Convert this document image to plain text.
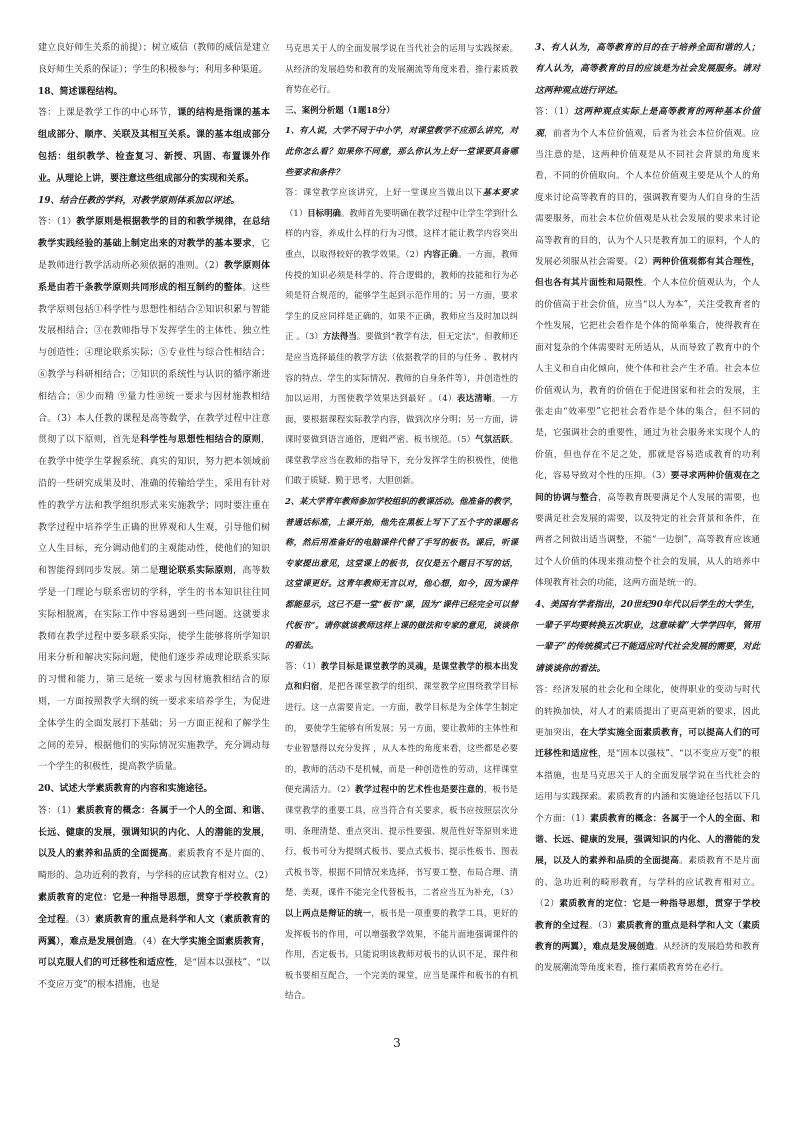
建立良好师生关系的前提）；树立威信（教师的威信是建立良好师生关系的保证）；学生的积极参与；利用多种渠道。

18、简述课程结构。

答：上课是教学工作的中心环节，课的结构是指课的基本组成部分、顺序、关联及其相互关系。课的基本组成部分包括：组织教学、检查复习、新授、巩固、布置课外作业。从理论上讲，要注意这些组成部分的实现和关系。

19、结合任教的学科，对教学原则体系加以评述。

答：（1）教学原则是根据教学的目的和教学规律，在总结教学实践经验的基础上制定出来的对教学的基本要求，它是教师进行教学活动所必须依据的准则。（2）教学原则体系是由若干条教学原则共同形成的相互制约的整体。这些教学原则包括①科学性与思想性相结合②知识积累与智能发展相结合；③在教师指导下发挥学生的主体性、独立性与创造性；④理论联系实际；⑤专业性与综合性相结合；⑥教学与科研相结合；⑦知识的系统性与认识的循序渐进相结合；⑧少而精 ⑨量力性⑩统一要求与因材施教相结合。（3）本人任教的课程是高等数学，在教学过程中注意贯彻了以下原则，首先是科学性与思想性相结合的原则，在教学中使学生掌握系统、真实的知识，努力把本领域前沿的一些研究成果及时、准确的传输给学生，采用有针对性的教学方法和教学组织形式来实施教学；同时要注重在教学过程中培养学生正确的世界观和人生观，引导他们树立人生目标，充分调动他们的主观能动性，使他们的知识和智能得到同步发展。第二是理论联系实际原则，高等数学是一门理论与联系密切的学科，学生的书本知识往往同实际相脱离，在实际工作中容易遇到一些问题。这就要求教师在教学过程中要多联系实际，使学生能够将所学知识用来分析和解决实际问题，使他们逐步养成理论联系实际的习惯和能力，第三是统一要求与因材施教相结合的原则，一方面按照教学大纲的统一要求来培养学生，为促进全体学生的全面发展打下基础；另一方面正视和了解学生之间的差异，根据他们的实际情况实施教学，充分调动每一个学生的积极性，提高教学质量。

20、试述大学素质教育的内容和实施途径。

答：（1）素质教育的概念：各属于一个人的全面、和谐、长远、健康的发展，强调知识的内化、人的潜能的发展，以及人的素养和品质的全面提高。素质教育不是片面的、畸形的、急功近利的教育，与学科的应试教育相对立。（2）素质教育的定位：它是一种指导思想，贯穿于学校教育的全过程。（3）素质教育的重点是科学和人文（素质教育的两翼），难点是发展创造。（4）在大学实施全面素质教育，可以克服人们的可迁移性和适应性，是“固本以强枝”、“以不变应万变”的根本措施，也是

马克思关于人的全面发展学说在当代社会的运用与实践探索。从经济的发展趋势和教育的发展潮流等角度来看，推行素质教育势在必行。

三、案例分析题（1题18分）

1、有人说，大学不同于中小学，对课堂教学不应那么讲究，对此你怎么看？如果你不同意，那么你认为上好一堂课要具备哪些要求和条件？

答：课堂教学应该讲究，上好一堂课应当做出以下基本要求（1）目标明确。教师首先要明确在教学过程中让学生学到什么样的内容，养成什么样的行为习惯，这样才能让教学内容突出重点，以取得较好的教学效果。（2）内容正确。一方面，教师传授的知识必须是科学的、符合逻辑的，教师的技能和行为必须是符合规范的，能够学生起到示范作用的；另一方面，要求学生的反应同样是正确的，如果不正确，教师应当及时加以纠正 。（3）方法得当。要做到“教学有法，但无定法”，但教师还是应当选择最佳的教学方法（依据教学的目的与任务 、教材内容的特点、学生的实际情况、教师的自身条件等），并创造性的加以运用，力图使教学效果达到最好 。（4）表达清晰。一方面，要根据课程实际教学内容，做到次序分明；另一方面，讲课时要做到语言通俗，逻辑严密、板书规范。（5）气氛活跃。课堂教学应当在教师的指导下，充分发挥学生的积极性，使他们敢于质疑、勤于思考、大胆创新。

2、某大学青年教师参加学校组织的教课活动。他准备的教学，普通话标准，上课开始，他先在黑板上写下了五个字的课题名称，然后用准备好的电脑课件代替了手写的板书。课后，听课专家提出意见，这堂课上的板书，仅仅是五个题目不写的话，这堂课更好。这青年教师无言以对，他心想，如今，因为课件都能显示，这已不是一堂“板书”课，因为“课件已经完全可以替代板书”。请你就该教师这样上课的做法和专家的意见，谈谈你的看法。

答：（1）教学目标是课堂教学的灵魂，是课堂教学的根本出发点和归宿，是把各课堂教学的组织、课堂教学应围绕教学目标进行。这一点需要肯定。一方面，教学目标是为全体学生制定的， 要使学生能够有所发展；另一方面，要让教师的主体性和专业智慧得以充分发挥 ，从人本性的角度来看，这些都是必要的，教师的活动不是机械，而是一种创造性的劳动，这样课堂便充满活力。（2）教学过程中的艺术性也是要注意的，板书是课堂教学的重要工具，应当符合有关要求，板书应按照层次分明、条理清楚、重点突出、提示性要强、规范性好等原则来进行，板书可分为提纲式板书、要点式板书、提示性板书、图表式板书等，根据不同情况来选择，书写要工整，布局合理、清楚、美观，课件不能完全代替板书，二者应当互为补充，（3）以上两点是辩证的统一，板书是一项重要的教学工具，更好的发挥板书的作用，可以增强教学效果，不能片面地强调课件的作用，否定板书，只能说明该教师对板书的认识不足，课件和板书要相互配合，一个完美的课堂，应当是课件和板书的有机结合。

3、有人认为，高等教育的目的在于培养全面和谐的人；有人认为，高等教育的目的应该是为社会发展服务。请对这两种观点进行评述。

答：（1）这两种观点实际上是高等教育的两种基本价值观，前者为个人本位价值观，后者为社会本位价值观。应当注意的是，这两种价值观是从不同社会背景的角度来看，不同的价值取向。个人本位价值观主要是从个人的角度来讨论高等教育的目的，强调教育要为人们自身的生活需要服务，而社会本位价值观是从社会发展的要求来讨论高等教育的目的，认为个人只是教育加工的原料，个人的发展必须服从社会需要。（2）两种价值观都有其合理性，但也各有其片面性和局限性。个人本位价值观认为，个人的价值高于社会价值，应当“以人为本”，关注受教育者的个性发展，它把社会看作是个体的简单集合，使得教育在面对复杂的个体需要时无所适从，从而导致了教育中的个人主义和自由化倾向，使个体和社会产生矛盾。社会本位价值观认为，教育的价值在于促进国家和社会的发展，主张走由“效率型”它把社会看作是个体的集合，但不同的是，它强调社会的重要性，通过为社会服务来实现个人的价值，但也存在不足之处，那就是容易造成教育的功利化，容易导致对个性的压抑。（3）要寻求两种价值观在之间的协调与整合，高等教育既要满足个人发展的需要，也要满足社会发展的需要，以及特定的社会背景和条件，在两者之间做出适当调整，不能“一边倒”，高等教育应该通过个人价值的体现来推动整个社会的发展，从人的培养中体现教育社会的功能，这两方面是统一的。

4、美国有学者指出，20世纪90年代以后学生的大学生，一辈子平均要转换五次职业，这意味着“大学学四年，管用一辈子”的传统模式已不能适应时代社会发展的需要，对此请谈谈你的看法。

答：经济发展的社会化和全球化，使得职业的变动与时代的转换加快，对人才的素质提出了更高更新的要求，因此更加突出，在大学实施全面素质教育，可以提高人们的可迁移性和适应性，是“固本以强枝”、“以不变应万变”的根本措施，也是马克思关于人的全面发展学说在当代社会的运用与实践探索。素质教育的内涵和实施途径包括以下几个方面：（1）素质教育的概念：各属于一个人的全面、和谐、长远、健康的发展，强调知识的内化、人的潜能的发展，以及人的素养和品质的全面提高。素质教育不是片面的、急功近利的畸形教育，与学科的应试教育相对立。（2）素质教育的定位：它是一种指导思想，贯穿于学校教育的全过程。（3）素质教育的重点是科学和人文（素质教育的两翼），难点是发展创造。从经济的发展趋势和教育的发展潮流等角度来看，推行素质教育势在必行。

3
